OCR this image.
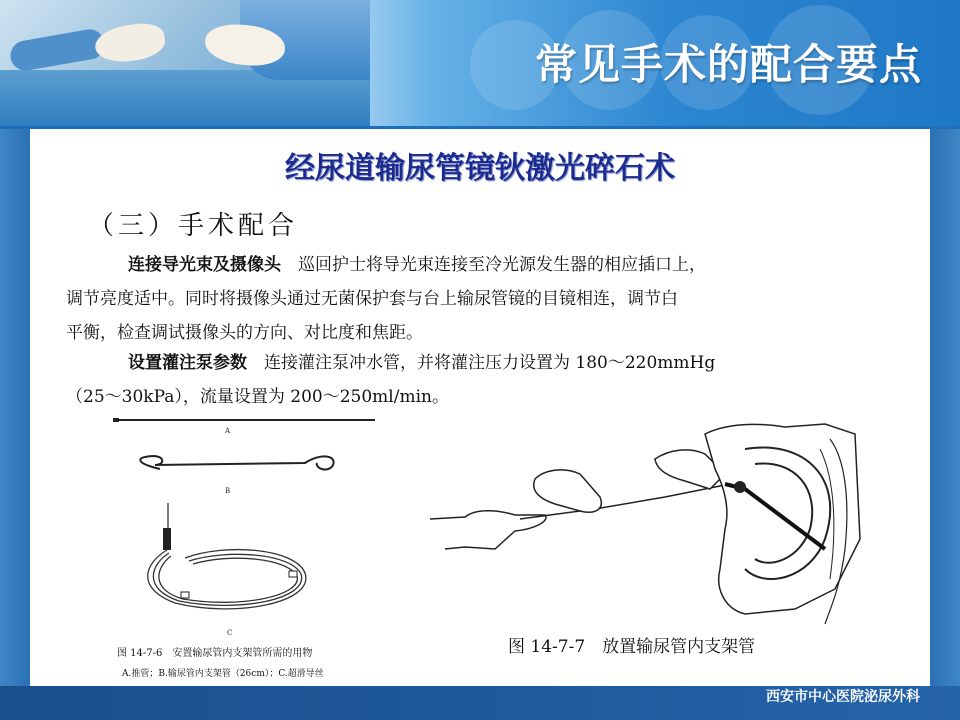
常见手术的配合要点
经尿道输尿管镜钬激光碎石术
（三）手术配合
连接导光束及摄像头　 巡回护士将导光束连接至冷光源发生器的相应插口上，
调节亮度适中。同时将摄像头通过无菌保护套与台上输尿管镜的目镜相连，调节白
平衡，检查调试摄像头的方向、对比度和焦距。
设置灌注泵参数　 连接灌注泵冲水管，并将灌注压力设置为 180～220mmHg
（25～30kPa），流量设置为 200～250ml/min。
A
B
C
图 14-7-6　安置输尿管内支架管所需的用物
A.推管；B.输尿管内支架管（26cm）；C.超滑导丝
图 14-7-7　放置输尿管内支架管
西安市中心医院泌尿外科
